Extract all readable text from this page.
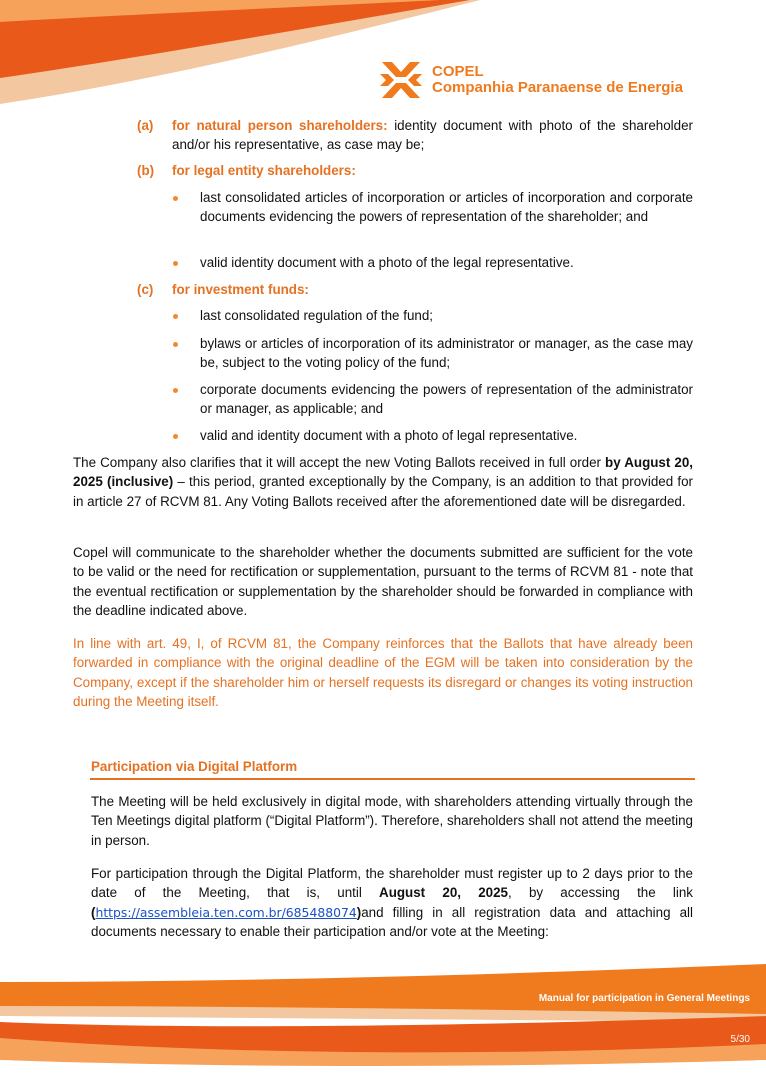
COPEL
Companhia Paranaense de Energia
(a) for natural person shareholders: identity document with photo of the shareholder and/or his representative, as case may be;

(b) for legal entity shareholders:

last consolidated articles of incorporation or articles of incorporation and corporate documents evidencing the powers of representation of the shareholder; and

valid identity document with a photo of the legal representative.

(c) for investment funds:

last consolidated regulation of the fund;

bylaws or articles of incorporation of its administrator or manager, as the case may be, subject to the voting policy of the fund;

corporate documents evidencing the powers of representation of the administrator or manager, as applicable; and

valid and identity document with a photo of legal representative.

The Company also clarifies that it will accept the new Voting Ballots received in full order by August 20, 2025 (inclusive) – this period, granted exceptionally by the Company, is an addition to that provided for in article 27 of RCVM 81. Any Voting Ballots received after the aforementioned date will be disregarded.

Copel will communicate to the shareholder whether the documents submitted are sufficient for the vote to be valid or the need for rectification or supplementation, pursuant to the terms of RCVM 81 - note that the eventual rectification or supplementation by the shareholder should be forwarded in compliance with the deadline indicated above.

In line with art. 49, I, of RCVM 81, the Company reinforces that the Ballots that have already been forwarded in compliance with the original deadline of the EGM will be taken into consideration by the Company, except if the shareholder him or herself requests its disregard or changes its voting instruction during the Meeting itself.

Participation via Digital Platform

The Meeting will be held exclusively in digital mode, with shareholders attending virtually through the Ten Meetings digital platform (“Digital Platform”). Therefore, shareholders shall not attend the meeting in person.

For participation through the Digital Platform, the shareholder must register up to 2 days prior to the date of the Meeting, that is, until August 20, 2025, by accessing the link (https://assembleia.ten.com.br/685488074)and filling in all registration data and attaching all documents necessary to enable their participation and/or vote at the Meeting:

Manual for participation in General Meetings
5/30
